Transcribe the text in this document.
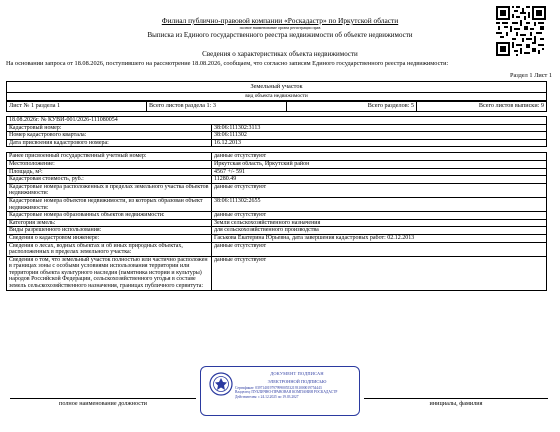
Филиал публично-правовой компании «Роскадастр» по Иркутской области
полное наименование органа регистрации прав
Выписка из Единого государственного реестра недвижимости об объекте недвижимости
Сведения о характеристиках объекта недвижимости
На основании запроса от 18.08.2026, поступившего на рассмотрение 18.08.2026, сообщаем, что согласно записям Единого государственного реестра недвижимости:
Раздел 1 Лист 1
Земельный участок
вид объекта недвижимости
Лист № 1 раздела 1	Всего листов раздела 1: 3	Всего разделов: 5	Всего листов выписки: 9
18.08.2026г. № КУВИ-001/2026-111080054	
Кадастровый номер:	38:06:111302:3113
Номер кадастрового квартала:	38:06:111302
Дата присвоения кадастрового номера:	16.12.2013

Ранее присвоенный государственный учетный номер:	данные отсутствуют
Местоположение:	Иркутская область, Иркутский район
Площадь, м²:	4567 +/- 591
Кадастровая стоимость, руб.:	11280.49
Кадастровые номера расположенных в пределах земельного участка объектов недвижимости:	данные отсутствуют
Кадастровые номера объектов недвижимости, из которых образован объект недвижимости:	38:06:111302:2655
Кадастровые номера образованных объектов недвижимости:	данные отсутствуют
Категория земель:	Земли сельскохозяйственного назначения
Виды разрешенного использования:	для сельскохозяйственного производства
Сведения о кадастровом инженере:	Гаськова Екатерина Юрьевна, дата завершения кадастровых работ: 02.12.2013
Сведения о лесах, водных объектах и об иных природных объектах, расположенных в пределах земельного участка:	данные отсутствуют
Сведения о том, что земельный участок полностью или частично расположен в границах зоны с особыми условиями использования территории или территории объекта культурного наследия (памятника истории и культуры) народов Российской Федерации, сельскохозяйственного угодья в составе земель сельскохозяйственного назначения, границах публичного сервитута:	данные отсутствуют
полное наименование должности	инициалы, фамилия
ДОКУМЕНТ ПОДПИСАН
ЭЛЕКТРОННОЙ ПОДПИСЬЮ
Сертификат: 0397140197979990055321931000019754443
Владелец: ПУБЛИЧНО-ПРАВОВАЯ КОМПАНИЯ РОСКАДАСТР
Действителен: с 24.12.2025 по 19.03.2027
